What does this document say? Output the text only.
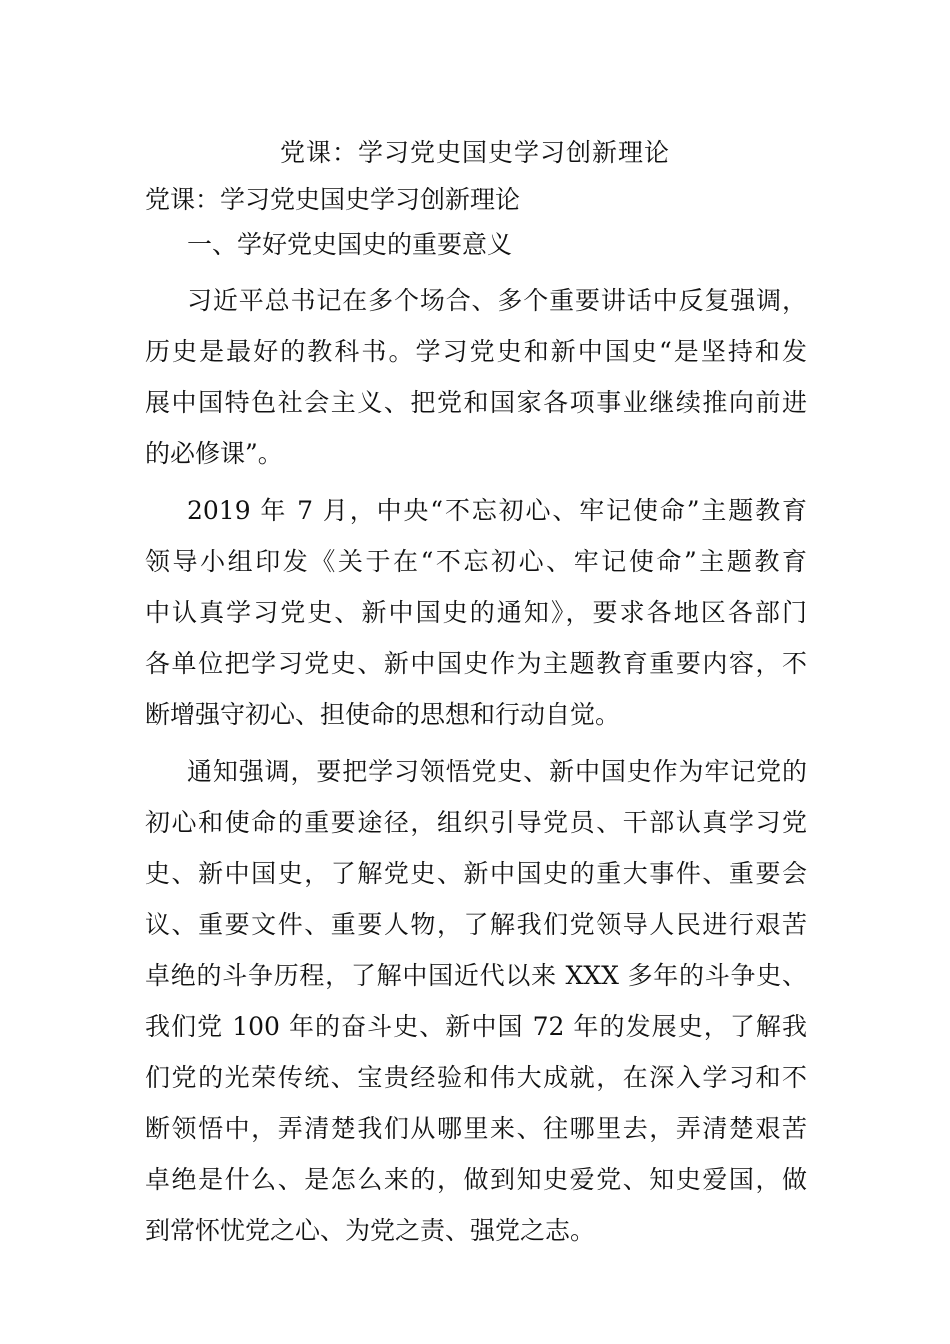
党课：学习党史国史学习创新理论

党课：学习党史国史学习创新理论

一、学好党史国史的重要意义

习近平总书记在多个场合、多个重要讲话中反复强调，
历史是最好的教科书。学习党史和新中国史“是坚持和发
展中国特色社会主义、把党和国家各项事业继续推向前进
的必修课”。

2019 年 7 月，中央“不忘初心、牢记使命”主题教育
领导小组印发《关于在“不忘初心、牢记使命”主题教育
中认真学习党史、新中国史的通知》，要求各地区各部门
各单位把学习党史、新中国史作为主题教育重要内容，不
断增强守初心、担使命的思想和行动自觉。

通知强调，要把学习领悟党史、新中国史作为牢记党的
初心和使命的重要途径，组织引导党员、干部认真学习党
史、新中国史，了解党史、新中国史的重大事件、重要会
议、重要文件、重要人物，了解我们党领导人民进行艰苦
卓绝的斗争历程，了解中国近代以来 XXX 多年的斗争史、
我们党 100 年的奋斗史、新中国 72 年的发展史，了解我
们党的光荣传统、宝贵经验和伟大成就，在深入学习和不
断领悟中，弄清楚我们从哪里来、往哪里去，弄清楚艰苦
卓绝是什么、是怎么来的，做到知史爱党、知史爱国，做
到常怀忧党之心、为党之责、强党之志。
